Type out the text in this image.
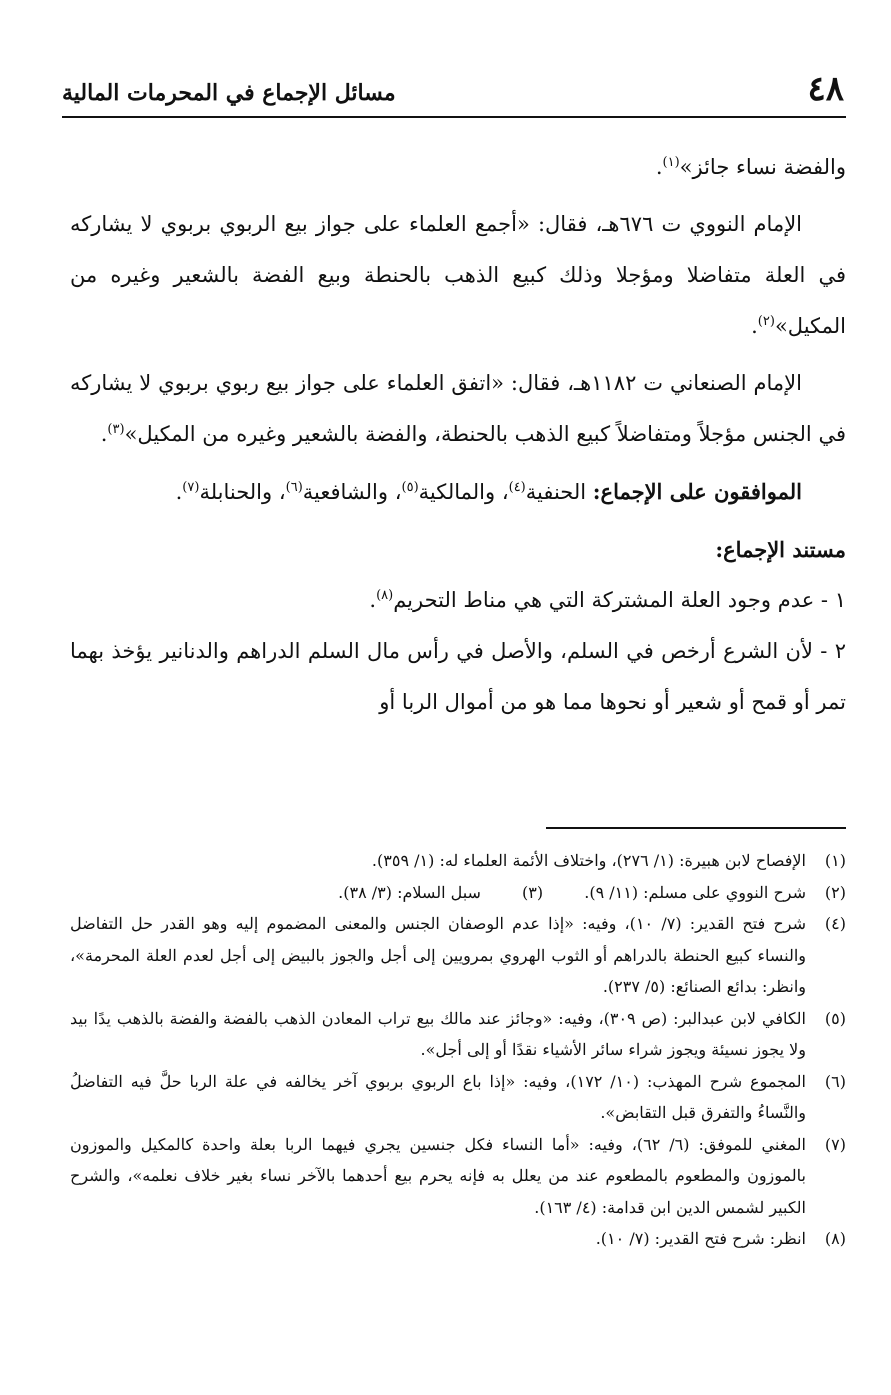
٤٨
مسائل الإجماع في المحرمات المالية

والفضة نساء جائز»$^{(١)}$.

الإمام النووي ت ٦٧٦هـ، فقال: «أجمع العلماء على جواز بيع الربوي بربوي لا يشاركه في العلة متفاضلا ومؤجلا وذلك كبيع الذهب بالحنطة وبيع الفضة بالشعير وغيره من المكيل»$^{(٢)}$.

الإمام الصنعاني ت ١١٨٢هـ، فقال: «اتفق العلماء على جواز بيع ربوي بربوي لا يشاركه في الجنس مؤجلاً ومتفاضلاً كبيع الذهب بالحنطة، والفضة بالشعير وغيره من المكيل»$^{(٣)}$.

الموافقون على الإجماع: الحنفية$^{(٤)}$، والمالكية$^{(٥)}$، والشافعية$^{(٦)}$، والحنابلة$^{(٧)}$.

مستند الإجماع:

١ - عدم وجود العلة المشتركة التي هي مناط التحريم$^{(٨)}$.

٢ - لأن الشرع أرخص في السلم، والأصل في رأس مال السلم الدراهم والدنانير يؤخذ بهما تمر أو قمح أو شعير أو نحوها مما هو من أموال الربا أو

(١)
الإفصاح لابن هبيرة: (١/ ٢٧٦)، واختلاف الأئمة العلماء له: (١/ ٣٥٩).
(٢)
شرح النووي على مسلم: (١١/ ٩). (٣) سبل السلام: (٣/ ٣٨).
(٤)
شرح فتح القدير: (٧/ ١٠)، وفيه: «إذا عدم الوصفان الجنس والمعنى المضموم إليه وهو القدر حل التفاضل والنساء كبيع الحنطة بالدراهم أو الثوب الهروي بمرويين إلى أجل والجوز بالبيض إلى أجل لعدم العلة المحرمة»، وانظر: بدائع الصنائع: (٥/ ٢٣٧).
(٥)
الكافي لابن عبدالبر: (ص ٣٠٩)، وفيه: «وجائز عند مالك بيع تراب المعادن الذهب بالفضة والفضة بالذهب يدًا بيد ولا يجوز نسيئة ويجوز شراء سائر الأشياء نقدًا أو إلى أجل».
(٦)
المجموع شرح المهذب: (١٠/ ١٧٢)، وفيه: «إذا باع الربوي بربوي آخر يخالفه في علة الربا حلَّ فيه التفاضلُ والنَّساءُ والتفرق قبل التقابض».
(٧)
المغني للموفق: (٦/ ٦٢)، وفيه: «أما النساء فكل جنسين يجري فيهما الربا بعلة واحدة كالمكيل والموزون بالموزون والمطعوم بالمطعوم عند من يعلل به فإنه يحرم بيع أحدهما بالآخر نساء بغير خلاف نعلمه»، والشرح الكبير لشمس الدين ابن قدامة: (٤/ ١٦٣).
(٨)
انظر: شرح فتح القدير: (٧/ ١٠).
